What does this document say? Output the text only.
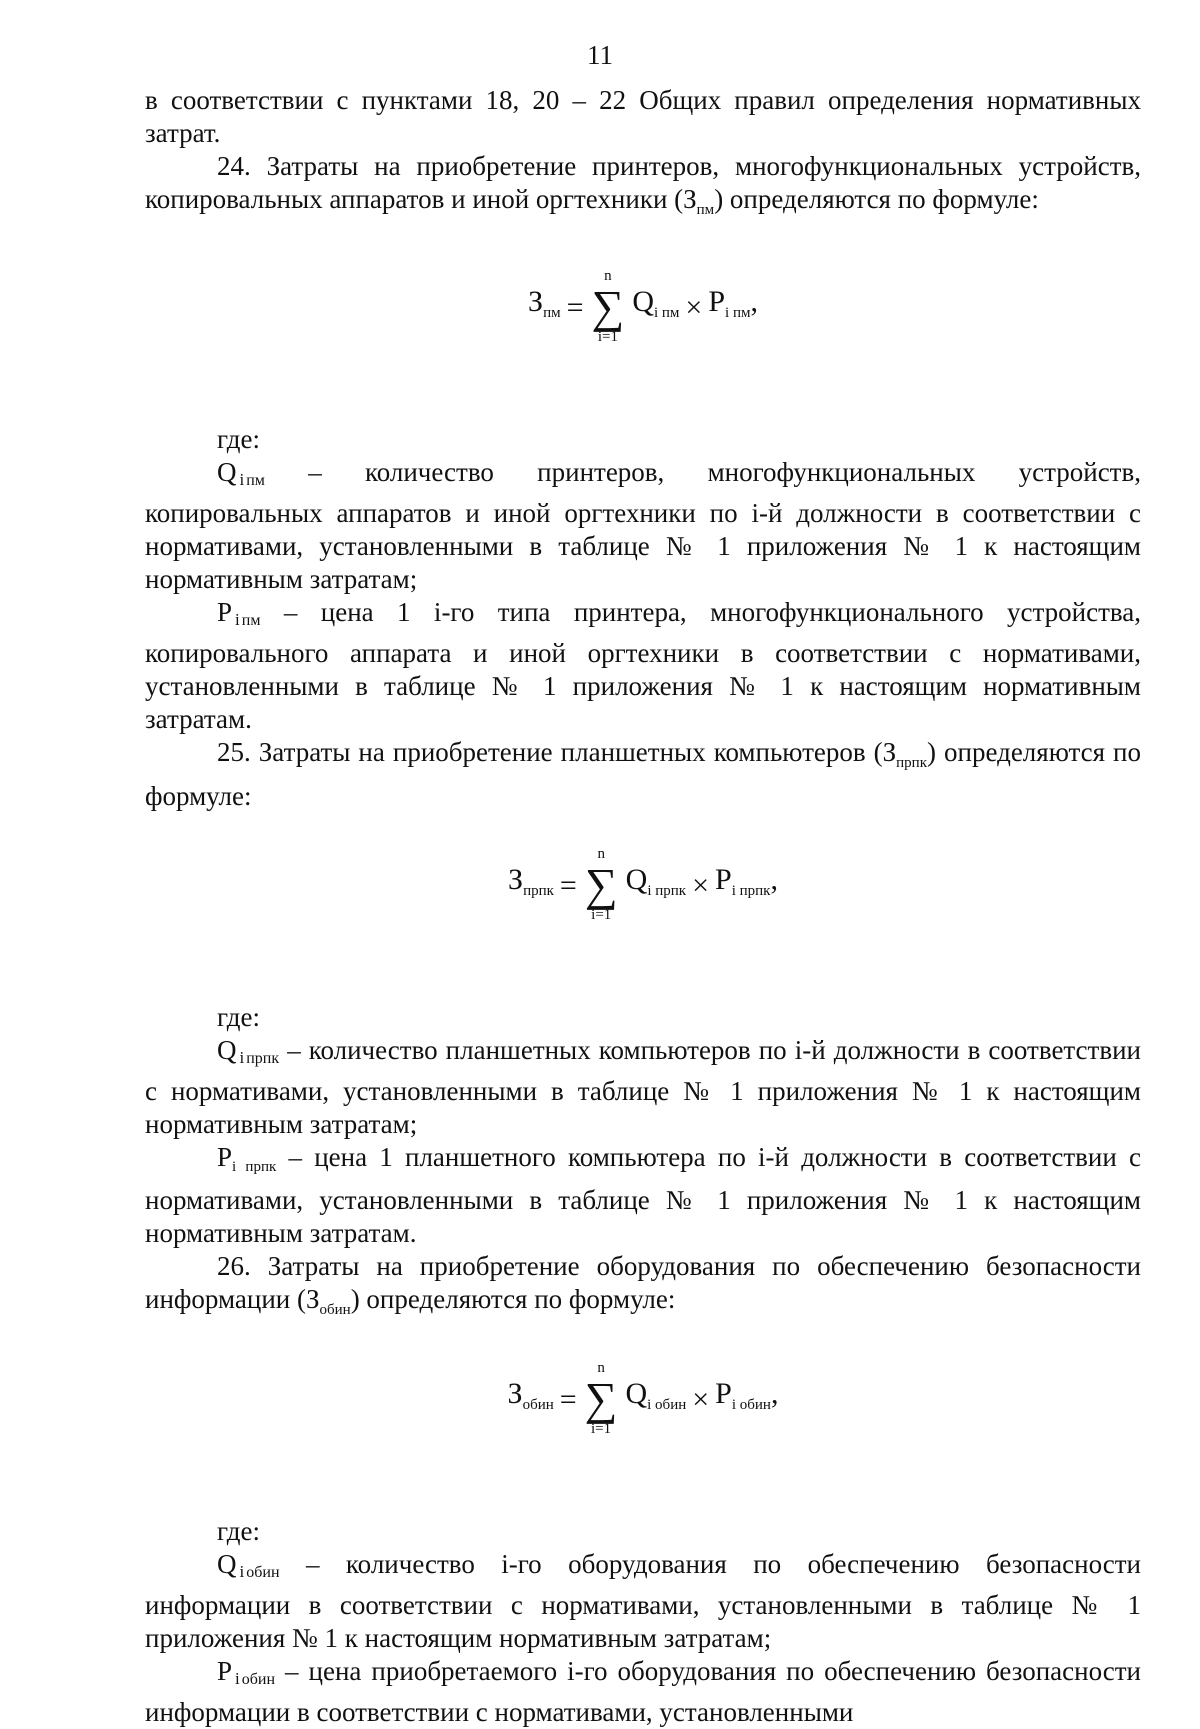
11

в соответствии с пунктами 18, 20 – 22 Общих правил определения нормативных затрат.

24. Затраты на приобретение принтеров, многофункциональных устройств, копировальных аппаратов и иной оргтехники $(З_{пм})$ определяются по формуле:

$З_{пм}$ =
n
∑
i=1
$Q_{i пм} \times P_{i пм}$,

где:

Qi пм – количество принтеров, многофункциональных устройств, копировальных аппаратов и иной оргтехники по i-й должности в соответствии с нормативами, установленными в таблице № 1 приложения № 1 к настоящим нормативным затратам;

Pi пм – цена 1 i-го типа принтера, многофункционального устройства, копировального аппарата и иной оргтехники в соответствии с нормативами, установленными в таблице № 1 приложения № 1 к настоящим нормативным затратам.

25. Затраты на приобретение планшетных компьютеров $(З_{прпк})$ определяются по формуле:

$З_{прпк}$ =
n
∑
i=1
$Q_{i прпк} \times P_{i прпк}$,

где:

Qi прпк – количество планшетных компьютеров по i-й должности в соответствии с нормативами, установленными в таблице № 1 приложения № 1 к настоящим нормативным затратам;

Pi прпк – цена 1 планшетного компьютера по i-й должности в соответствии с нормативами, установленными в таблице № 1 приложения № 1 к настоящим нормативным затратам.

26. Затраты на приобретение оборудования по обеспечению безопасности информации $(З_{обин})$ определяются по формуле:

$З_{обин}$ =
n
∑
i=1
$Q_{i обин} \times P_{i обин}$,

где:

Qi обин – количество i-го оборудования по обеспечению безопасности информации в соответствии с нормативами, установленными в таблице № 1 приложения № 1 к настоящим нормативным затратам;

Pi обин – цена приобретаемого i-го оборудования по обеспечению безопасности информации в соответствии с нормативами, установленными
